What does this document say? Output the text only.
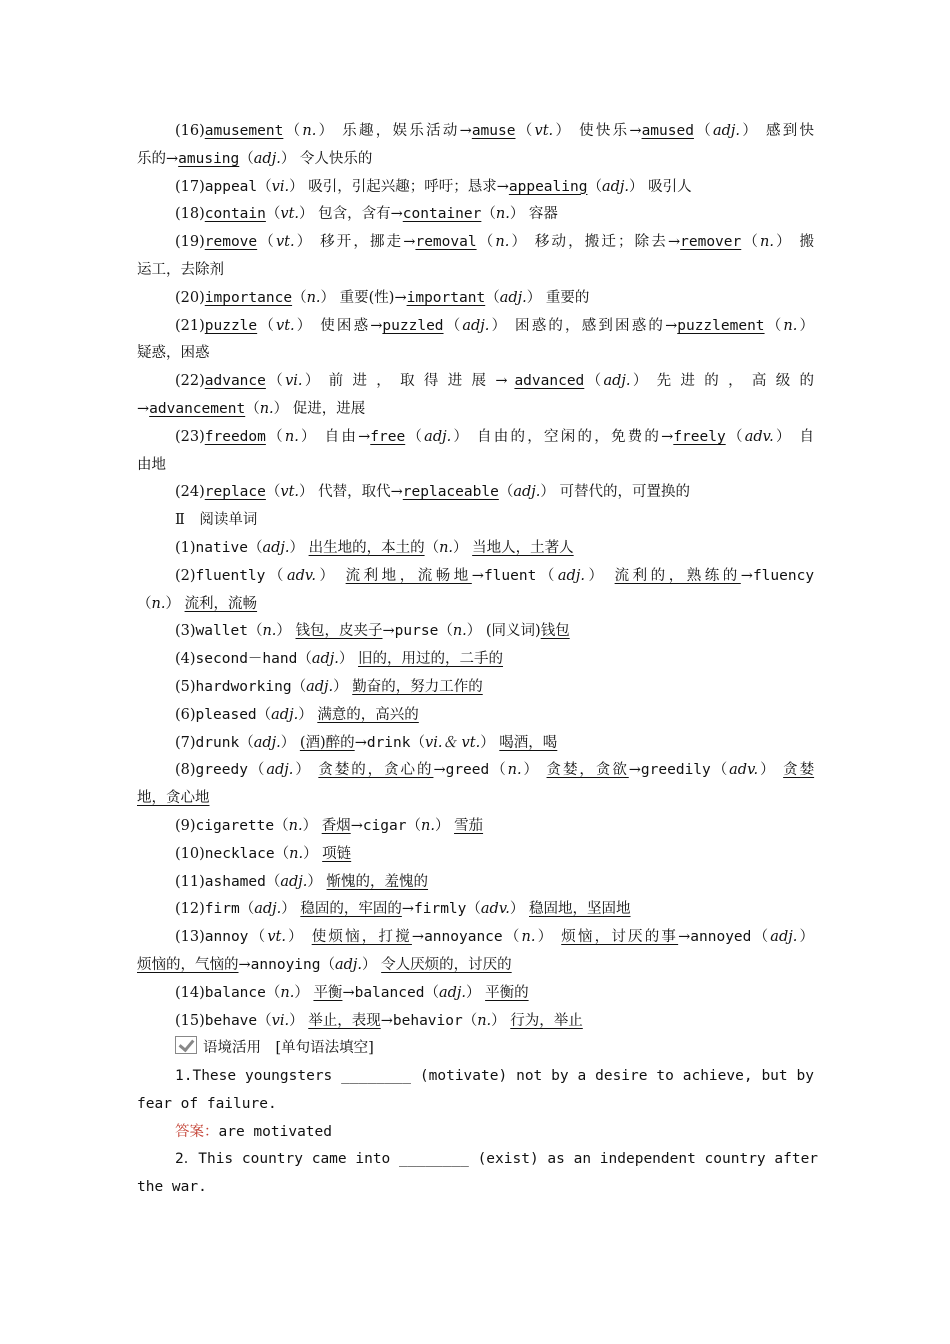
(16)amusement（n.） 乐趣，娱乐活动→amuse（vt.） 使快乐→amused（adj.） 感到快
乐的→amusing（adj.） 令人快乐的
(17)appeal（vi.） 吸引，引起兴趣；呼吁；恳求→appealing（adj.） 吸引人
(18)contain（vt.） 包含，含有→container（n.） 容器
(19)remove（vt.） 移开，挪走→removal（n.） 移动，搬迁；除去→remover（n.） 搬
运工，去除剂
(20)importance（n.） 重要(性)→important（adj.） 重要的
(21)puzzle（vt.） 使困惑→puzzled（adj.） 困惑的，感到困惑的→puzzlement（n.）
疑惑，困惑
(22)advance（vi.） 前 进 ， 取 得 进 展 → advanced（adj.） 先 进 的 ， 高 级 的
→advancement（n.） 促进，进展
(23)freedom（n.） 自由→free（adj.） 自由的，空闲的，免费的→freely（adv.） 自
由地
(24)replace（vt.） 代替，取代→replaceable（adj.） 可替代的，可置换的
Ⅱ　阅读单词
(1)native（adj.） 出生地的，本土的（n.） 当地人，土著人
(2)fluently（adv.） 流利地，流畅地→fluent（adj.） 流利的，熟练的→fluency
（n.） 流利，流畅
(3)wallet（n.） 钱包，皮夹子→purse（n.） (同义词)钱包
(4)second－hand（adj.） 旧的，用过的，二手的
(5)hardworking（adj.） 勤奋的，努力工作的
(6)pleased（adj.） 满意的，高兴的
(7)drunk（adj.） (酒)醉的→drink（vi.＆ vt.） 喝酒，喝
(8)greedy（adj.） 贪婪的，贪心的→greed（n.） 贪婪，贪欲→greedily（adv.） 贪婪
地，贪心地
(9)cigarette（n.） 香烟→cigar（n.） 雪茄
(10)necklace（n.） 项链
(11)ashamed（adj.） 惭愧的，羞愧的
(12)firm（adj.） 稳固的，牢固的→firmly（adv.） 稳固地，坚固地
(13)annoy（vt.） 使烦恼，打搅→annoyance（n.） 烦恼，讨厌的事→annoyed（adj.）
烦恼的，气恼的→annoying（adj.） 令人厌烦的，讨厌的
(14)balance（n.） 平衡→balanced（adj.） 平衡的
(15)behave（vi.） 举止，表现→behavior（n.） 行为，举止
语境活用　[单句语法填空]
1.These youngsters ________ (motivate) not by a desire to achieve, but by
fear of failure.
答案：are motivated
2．This country came into ________ (exist) as an independent country after
the war.
